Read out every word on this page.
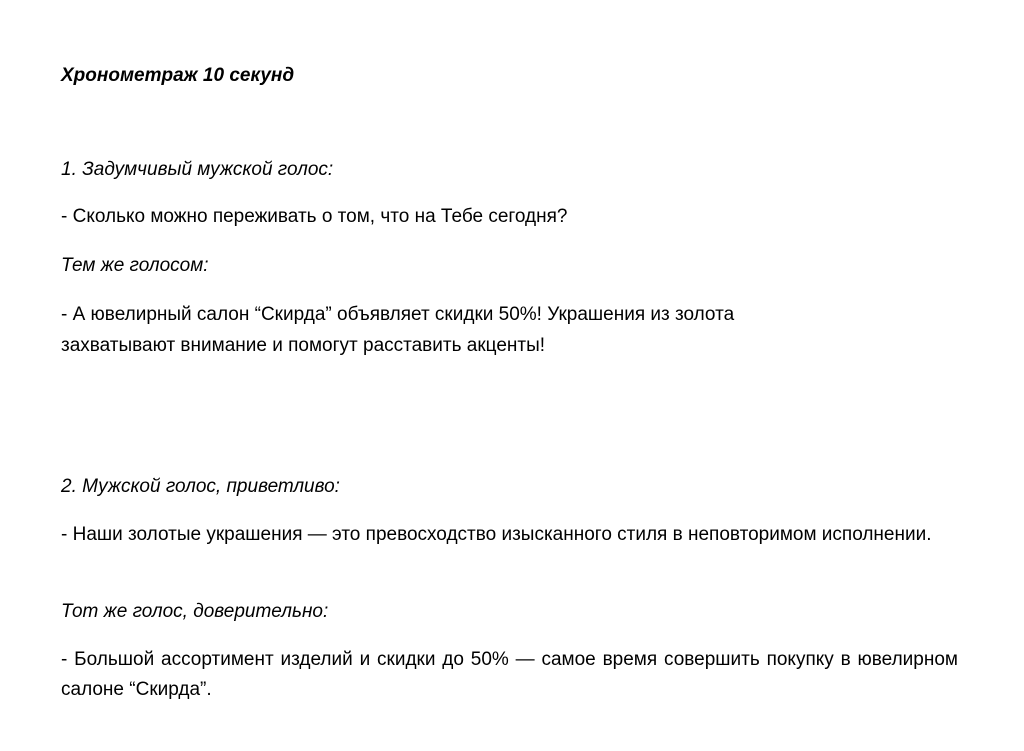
Хронометраж 10 секунд
1. Задумчивый мужской голос:
- Сколько можно переживать о том, что на Тебе сегодня?
Тем же голосом:
- А ювелирный салон “Скирда” объявляет скидки 50%! Украшения из золота
захватывают внимание и помогут расставить акценты!
2. Мужской голос, приветливо:
- Наши золотые украшения — это превосходство изысканного стиля в неповторимом исполнении.
Тот же голос, доверительно:
- Большой ассортимент изделий и скидки до 50% — самое время совершить покупку в ювелирном салоне “Скирда”.
